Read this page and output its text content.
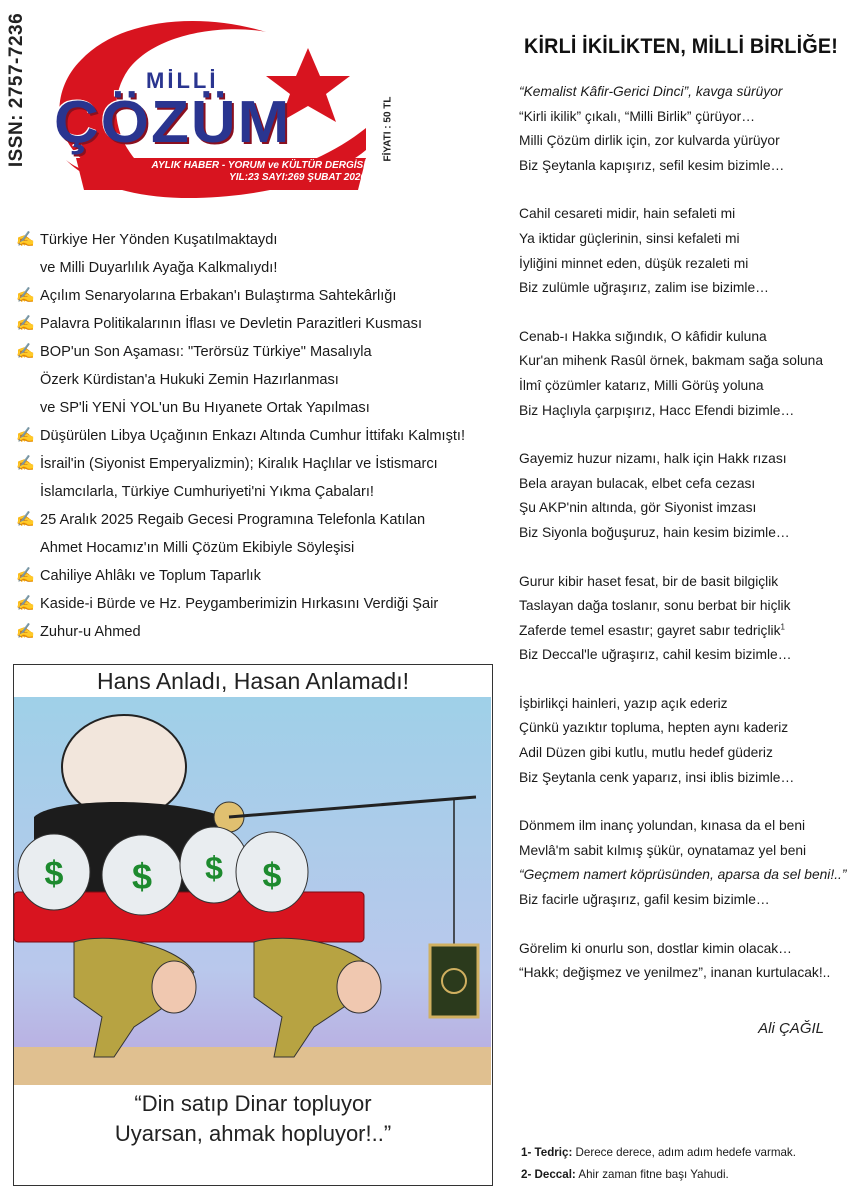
ISSN: 2757-7236	MİLLİ
ÇÖZÜM
AYLIK HABER - YORUM ve KÜLTÜR DERGİSİ
YIL:23 SAYI:269 ŞUBAT 2026
FİYATI : 50 TL
✍ Türkiye Her Yönden Kuşatılmaktaydı
ve Milli Duyarlılık Ayağa Kalkmalıydı!
✍ Açılım Senaryolarına Erbakan'ı Bulaştırma Sahtekârlığı
✍ Palavra Politikalarının İflası ve Devletin Parazitleri Kusması
✍ BOP'un Son Aşaması: "Terörsüz Türkiye" Masalıyla
Özerk Kürdistan'a Hukuki Zemin Hazırlanması
ve SP'li YENİ YOL'un Bu Hıyanete Ortak Yapılması
✍ Düşürülen Libya Uçağının Enkazı Altında Cumhur İttifakı Kalmıştı!
✍ İsrail'in (Siyonist Emperyalizmin); Kiralık Haçlılar ve İstismarcı
İslamcılarla, Türkiye Cumhuriyeti'ni Yıkma Çabaları!
✍ 25 Aralık 2025 Regaib Gecesi Programına Telefonla Katılan
Ahmet Hocamız'ın Milli Çözüm Ekibiyle Söyleşisi
✍ Cahiliye Ahlâkı ve Toplum Taparlık
✍ Kaside-i Bürde ve Hz. Peygamberimizin Hırkasını Verdiği Şair
✍ Zuhur-u Ahmed
Hans Anladı, Hasan Anlamadı!
$ $ $ $
“Din satıp Dinar topluyor
Uyarsan, ahmak hopluyor!..”
KİRLİ İKİLİKTEN, MİLLİ BİRLİĞE!

“Kemalist Kâfir-Gerici Dinci”, kavga sürüyor

“Kirli ikilik” çıkalı, “Milli Birlik” çürüyor…

Milli Çözüm dirlik için, zor kulvarda yürüyor

Biz Şeytanla kapışırız, sefil kesim bizimle…

Cahil cesareti midir, hain sefaleti mi

Ya iktidar güçlerinin, sinsi kefaleti mi

İyliğini minnet eden, düşük rezaleti mi

Biz zulümle uğraşırız, zalim ise bizimle…

Cenab-ı Hakka sığındık, O kâfidir kuluna

Kur'an mihenk Rasûl örnek, bakmam sağa soluna

İlmî çözümler katarız, Milli Görüş yoluna

Biz Haçlıyla çarpışırız, Hacc Efendi bizimle…

Gayemiz huzur nizamı, halk için Hakk rızası

Bela arayan bulacak, elbet cefa cezası

Şu AKP'nin altında, gör Siyonist imzası

Biz Siyonla boğuşuruz, hain kesim bizimle…

Gurur kibir haset fesat, bir de basit bilgiçlik

Taslayan dağa toslanır, sonu berbat bir hiçlik

Zaferde temel esastır; gayret sabır tedriçlik$^1$

Biz Deccal'le uğraşırız, cahil kesim bizimle…

İşbirlikçi hainleri, yazıp açık ederiz

Çünkü yazıktır topluma, hepten aynı kaderiz

Adil Düzen gibi kutlu, mutlu hedef güderiz

Biz Şeytanla cenk yaparız, insi iblis bizimle…

Dönmem ilm inanç yolundan, kınasa da el beni

Mevlâ'm sabit kılmış şükür, oynatamaz yel beni

“Geçmem namert köprüsünden, aparsa da sel beni!..”

Biz facirle uğraşırız, gafil kesim bizimle…

Görelim ki onurlu son, dostlar kimin olacak…

“Hakk; değişmez ve yenilmez”, inanan kurtulacak!..

Ali ÇAĞIL

1- Tedriç: Derece derece, adım adım hedefe varmak.

2- Deccal: Ahir zaman fitne başı Yahudi.
